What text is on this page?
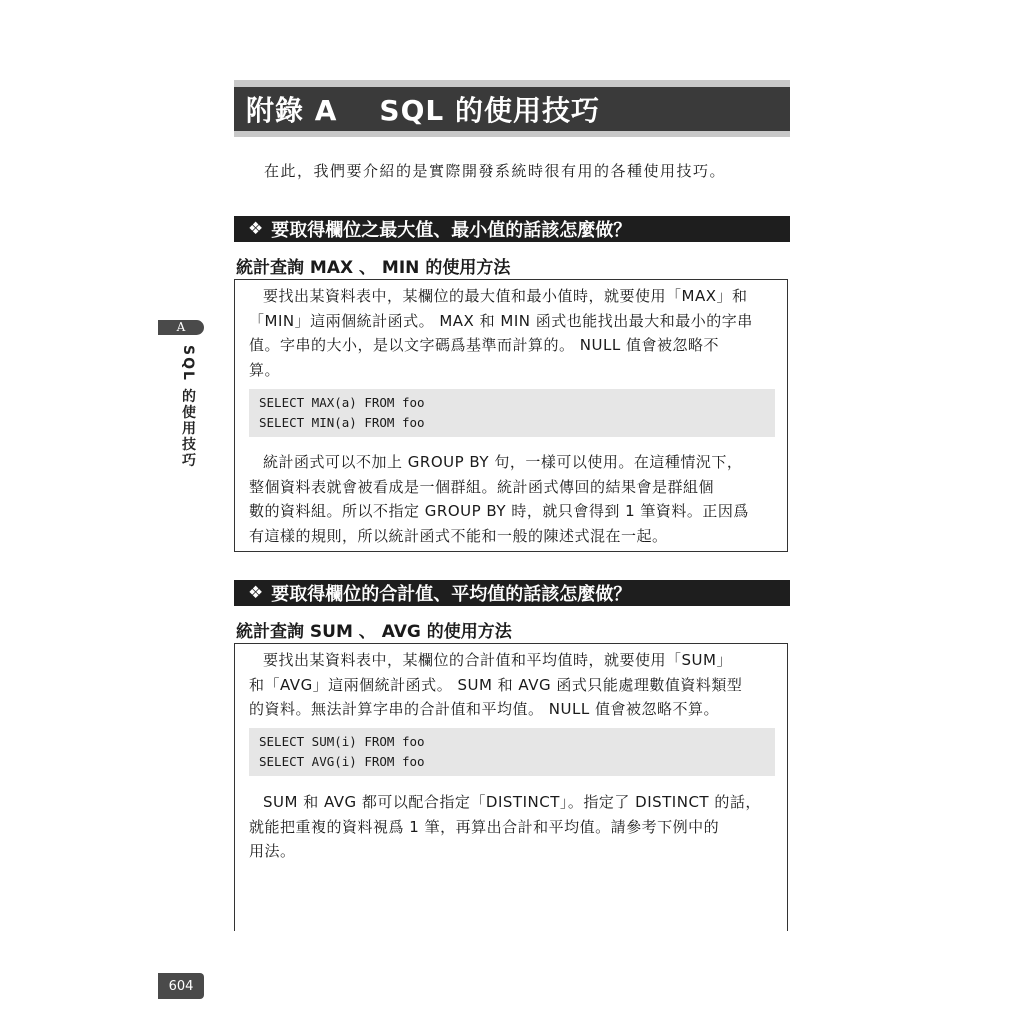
附錄 A SQL 的使用技巧
在此，我們要介紹的是實際開發系統時很有用的各種使用技巧。
A
SQL 的使用技巧
❖ 要取得欄位之最大值、最小值的話該怎麼做？
統計查詢 MAX 、 MIN 的使用方法
要找出某資料表中，某欄位的最大值和最小值時，就要使用「MAX」和
「MIN」這兩個統計函式。 MAX 和 MIN 函式也能找出最大和最小的字串
值。字串的大小，是以文字碼爲基準而計算的。 NULL 值會被忽略不
算。
SELECT MAX(a) FROM foo
SELECT MIN(a) FROM foo
統計函式可以不加上 GROUP BY 句，一樣可以使用。在這種情況下，
整個資料表就會被看成是一個群組。統計函式傳回的結果會是群組個
數的資料組。所以不指定 GROUP BY 時，就只會得到 1 筆資料。正因爲
有這樣的規則，所以統計函式不能和一般的陳述式混在一起。
❖ 要取得欄位的合計值、平均值的話該怎麼做？
統計查詢 SUM 、 AVG 的使用方法
要找出某資料表中，某欄位的合計值和平均值時，就要使用「SUM」
和「AVG」這兩個統計函式。 SUM 和 AVG 函式只能處理數值資料類型
的資料。無法計算字串的合計值和平均值。 NULL 值會被忽略不算。
SELECT SUM(i) FROM foo
SELECT AVG(i) FROM foo
SUM 和 AVG 都可以配合指定「DISTINCT」。指定了 DISTINCT 的話，
就能把重複的資料視爲 1 筆，再算出合計和平均值。請參考下例中的
用法。
604
